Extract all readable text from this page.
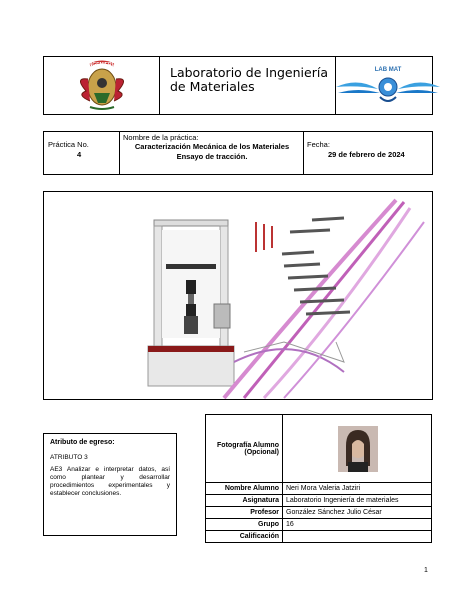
INGENIERIA	Laboratorio de Ingeniería de Materiales
LAB MAT
Práctica No.
4
Nombre de la práctica:
Caracterización Mecánica de los Materiales
Ensayo de tracción.
Fecha:
29 de febrero de 2024
Atributo de egreso:
ATRIBUTO 3
AE3 Analizar e interpretar datos, así como plantear y desarrollar procedimientos experimentales y establecer conclusiones.
Fotografía Alumno (Opcional)	

Nombre Alumno	Neri Mora Valeria Jatziri
Asignatura	Laboratorio Ingeniería de materiales
Profesor	González Sánchez Julio César
Grupo	16
Calificación	
1
